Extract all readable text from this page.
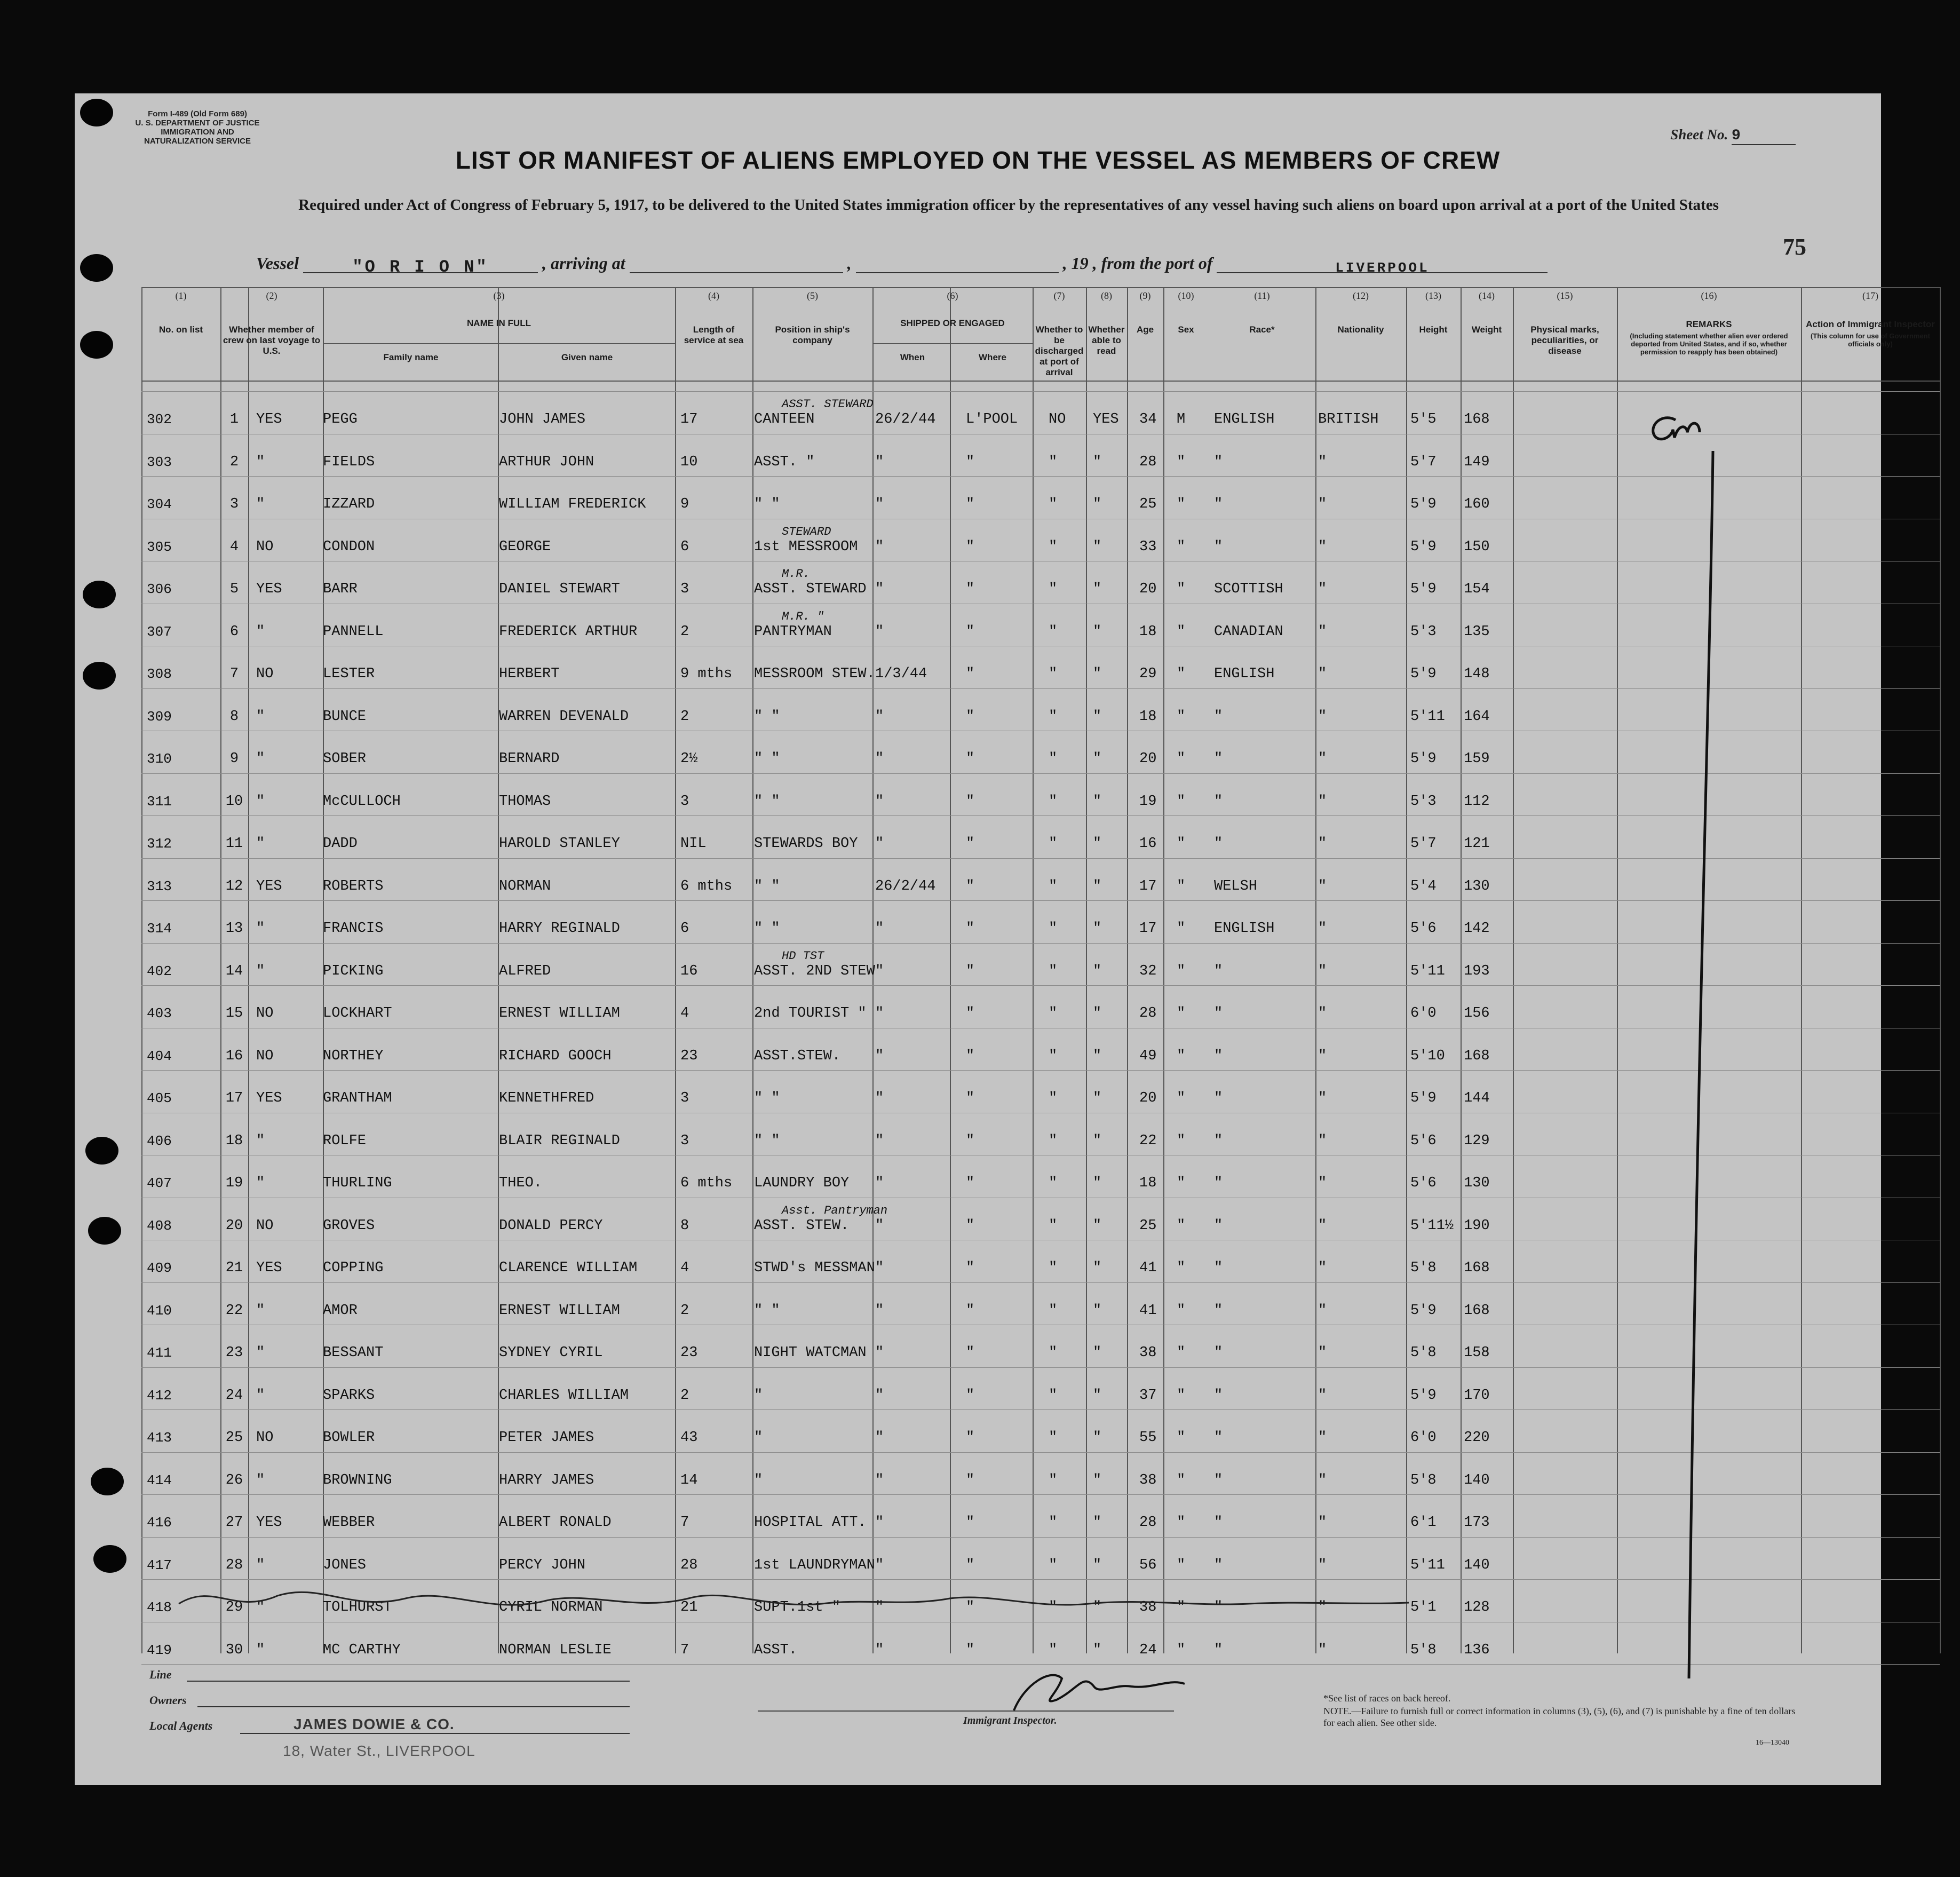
Form I-489 (Old Form 689)
U. S. DEPARTMENT OF JUSTICE
IMMIGRATION AND NATURALIZATION SERVICE	Sheet No. 9
LIST OR MANIFEST OF ALIENS EMPLOYED ON THE VESSEL AS MEMBERS OF CREW
Required under Act of Congress of February 5, 1917, to be delivered to the United States immigration officer by the representatives of any vessel having such aliens on board upon arrival at a port of the United States
75
Vessel	"O R I O N"	, arriving at	,	, 19 , from the port of	LIVERPOOL
(1)
No. on list
(2)
Whether member of crew on last voyage to U.S.
(3)
NAME IN FULL
Family name	Given name
(4)
Length of service at sea
(5)
Position in ship's company
(6)
SHIPPED OR ENGAGED
When	Where
(7)
Whether to be discharged at port of arrival
(8)
Whether able to read
(9)
Age
(10)
Sex
(11)
Race*
(12)
Nationality
(13)
Height
(14)
Weight
(15)
Physical marks, peculiarities, or disease
(16)
REMARKS
(Including statement whether alien ever ordered deported from United States, and if so, whether permission to reapply has been obtained)
(17)
Action of Immigrant Inspector
(This column for use of Government officials only)
302	1	YES	PEGG	JOHN JAMES	17	CANTEEN	26/2/44 L'POOL NO YES 34 M ENGLISH	BRITISH 5'5 168
ASST. STEWARD
303	2	"	FIELDS	ARTHUR JOHN	10	ASST. "	"	"	" "	28 " "	"	5'7 149
304	3	"	IZZARD	WILLIAM FREDERICK 9	" "	"	"	" "	25 " "	"	5'9 160
305	4	NO	CONDON	GEORGE	6	1st MESSROOM "	"	" "	33 " "	"	5'9 150
STEWARD
306	5	YES	BARR	DANIEL STEWART	3	ASST. STEWARD "	"	" "	20 " SCOTTISH "	5'9 154
M.R.
307	6	"	PANNELL	FREDERICK ARTHUR	2	PANTRYMAN	"	"	" "	18 " CANADIAN "	5'3 135
M.R. "
308	7	NO	LESTER	HERBERT	9 mths MESSROOM STEW. 1/3/44	"	" "	29 " ENGLISH	"	5'9 148
309	8	"	BUNCE	WARREN DEVENALD	2	" "	"	"	" "	18 " "	"	5'11 164
310	9	"	SOBER	BERNARD	2½	" "	"	"	" "	20 " "	"	5'9 159
311	10 "	McCULLOCH	THOMAS	3	" "	"	"	" "	19 " "	"	5'3 112
312	11 "	DADD	HAROLD STANLEY	NIL	STEWARDS BOY "	"	" "	16 " "	"	5'7 121
313	12 YES	ROBERTS	NORMAN	6 mths " "	26/2/44 "	" "	17 " WELSH	"	5'4 130
314	13 "	FRANCIS	HARRY REGINALD	6	" "	"	"	" "	17 " ENGLISH	"	5'6 142
402	14 "	PICKING	ALFRED	16	ASST. 2ND STEW "	"	" "	32 " "	"	5'11 193
HD TST
403	15 NO	LOCKHART	ERNEST WILLIAM	4	2nd TOURIST " "	"	" "	28 " "	"	6'0 156
404	16 NO	NORTHEY	RICHARD GOOCH	23	ASST.STEW. "	"	" "	49 " "	"	5'10 168
405	17 YES	GRANTHAM	KENNETHFRED	3	" "	"	"	" "	20 " "	"	5'9 144
406	18 "	ROLFE	BLAIR REGINALD	3	" "	"	"	" "	22 " "	"	5'6 129
407	19 "	THURLING	THEO.	6 mths LAUNDRY BOY "	"	" "	18 " "	"	5'6 130
408	20 NO	GROVES	DONALD PERCY	8	ASST. STEW. "	"	" "	25 " "	"	5'11½ 190
Asst. Pantryman
409	21 YES	COPPING	CLARENCE WILLIAM	4	STWD's MESSMAN "	"	" "	41 " "	"	5'8 168
410	22 "	AMOR	ERNEST WILLIAM	2	" "	"	"	" "	41 " "	"	5'9 168
411	23 "	BESSANT	SYDNEY CYRIL	23	NIGHT WATCMAN "	"	" "	38 " "	"	5'8 158
412	24 "	SPARKS	CHARLES WILLIAM	2	"	"	"	" "	37 " "	"	5'9 170
413	25 NO	BOWLER	PETER JAMES	43	"	"	"	" "	55 " "	"	6'0 220
414	26 "	BROWNING	HARRY JAMES	14	"	"	"	" "	38 " "	"	5'8 140
416	27 YES	WEBBER	ALBERT RONALD	7	HOSPITAL ATT. "	"	" "	28 " "	"	6'1 173
417	28 "	JONES	PERCY JOHN	28	1st LAUNDRYMAN "	"	" "	56 " "	"	5'11 140
418	29 "	TOLHURST	CYRIL NORMAN	21	SUPT.1st " "	"	" "	38 " "	"	5'1 128
419	30 "	MC CARTHY	NORMAN LESLIE	7	ASST.	"	"	" "	24 " "	"	5'8 136
Line
Owners
Local Agents	JAMES DOWIE & CO.
18, Water St., LIVERPOOL
Immigrant Inspector.
*See list of races on back hereof.
NOTE.—Failure to furnish full or correct information in columns (3), (5), (6), and (7) is punishable by a fine of ten dollars for each alien. See other side.
16—13040
